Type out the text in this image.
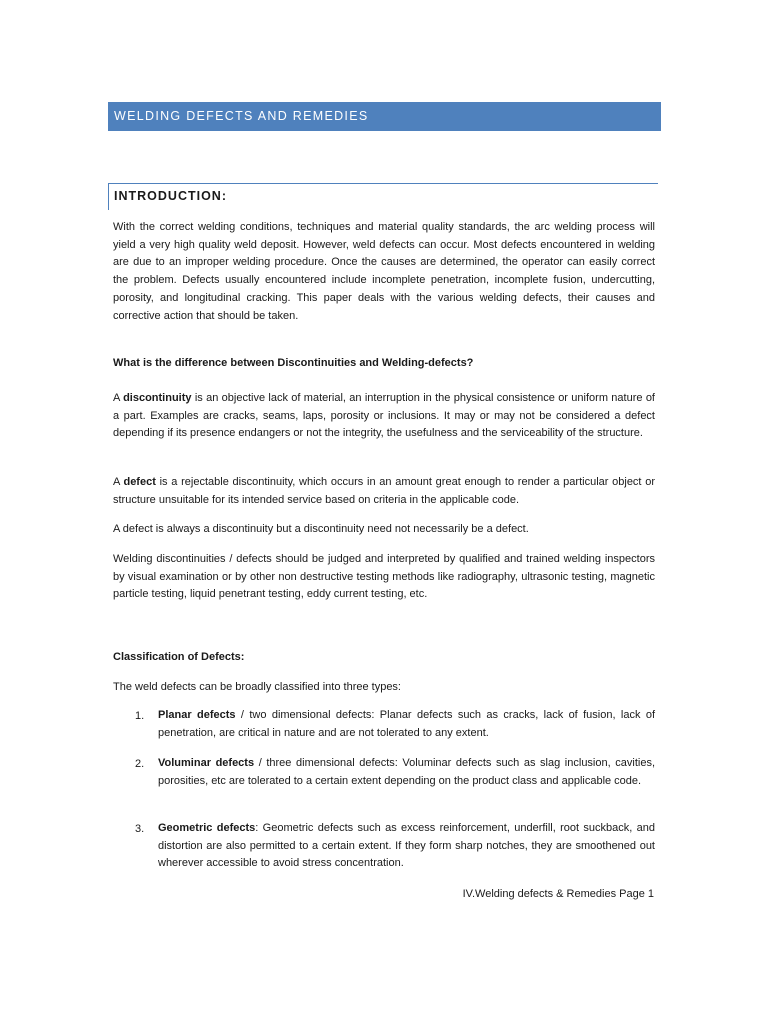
WELDING DEFECTS AND REMEDIES
INTRODUCTION:

With the correct welding conditions, techniques and material quality standards, the arc welding process will yield a very high quality weld deposit. However, weld defects can occur. Most defects encountered in welding are due to an improper welding procedure. Once the causes are determined, the operator can easily correct the problem. Defects usually encountered include incomplete penetration, incomplete fusion, undercutting, porosity, and longitudinal cracking. This paper deals with the various welding defects, their causes and corrective action that should be taken.

What is the difference between Discontinuities and Welding-defects?

A discontinuity is an objective lack of material, an interruption in the physical consistence or uniform nature of a part. Examples are cracks, seams, laps, porosity or inclusions. It may or may not be considered a defect depending if its presence endangers or not the integrity, the usefulness and the serviceability of the structure.

A defect is a rejectable discontinuity, which occurs in an amount great enough to render a particular object or structure unsuitable for its intended service based on criteria in the applicable code.

A defect is always a discontinuity but a discontinuity need not necessarily be a defect.

Welding discontinuities / defects should be judged and interpreted by qualified and trained welding inspectors by visual examination or by other non destructive testing methods like radiography, ultrasonic testing, magnetic particle testing, liquid penetrant testing, eddy current testing, etc.

Classification of Defects:

The weld defects can be broadly classified into three types:

1. Planar defects / two dimensional defects: Planar defects such as cracks, lack of fusion, lack of penetration, are critical in nature and are not tolerated to any extent.

2. Voluminar defects / three dimensional defects: Voluminar defects such as slag inclusion, cavities, porosities, etc are tolerated to a certain extent depending on the product class and applicable code.

3. Geometric defects: Geometric defects such as excess reinforcement, underfill, root suckback, and distortion are also permitted to a certain extent. If they form sharp notches, they are smoothened out wherever accessible to avoid stress concentration.

IV.Welding defects & Remedies Page 1
